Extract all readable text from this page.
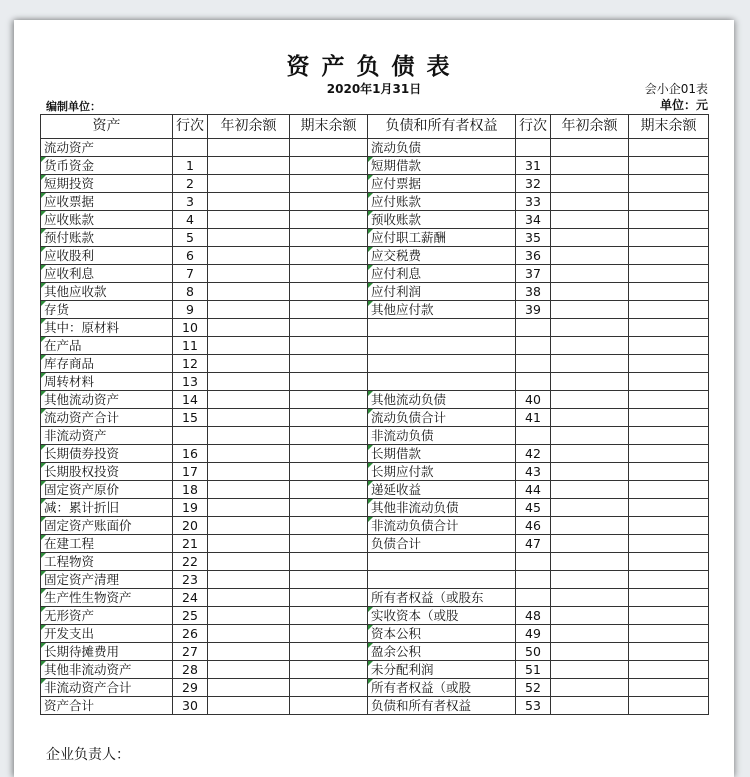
资产负债表
2020年1月31日	会小企01表
单位：元
编制单位：
资产	行次	年初余额	期末余额	负债和所有者权益	行次	年初余额	期末余额
流动资产				流动负债			
货币资金	1			短期借款	31		
短期投资	2			应付票据	32		
应收票据	3			应付账款	33		
应收账款	4			预收账款	34		
预付账款	5			应付职工薪酬	35		
应收股利	6			应交税费	36		
应收利息	7			应付利息	37		
其他应收款	8			应付利润	38		
存货	9			其他应付款	39		
其中：原材料	10						
在产品	11						
库存商品	12						
周转材料	13						
其他流动资产	14			其他流动负债	40		
流动资产合计	15			流动负债合计	41		
非流动资产				非流动负债			
长期债券投资	16			长期借款	42		
长期股权投资	17			长期应付款	43		
固定资产原价	18			递延收益	44		
减：累计折旧	19			其他非流动负债	45		
固定资产账面价	20			非流动负债合计	46		
在建工程	21			负债合计	47		
工程物资	22						
固定资产清理	23						
生产性生物资产	24			所有者权益（或股东			
无形资产	25			实收资本（或股	48		
开发支出	26			资本公积	49		
长期待摊费用	27			盈余公积	50		
其他非流动资产	28			未分配利润	51		
非流动资产合计	29			所有者权益（或股	52		
资产合计	30			负债和所有者权益	53		
企业负责人：
